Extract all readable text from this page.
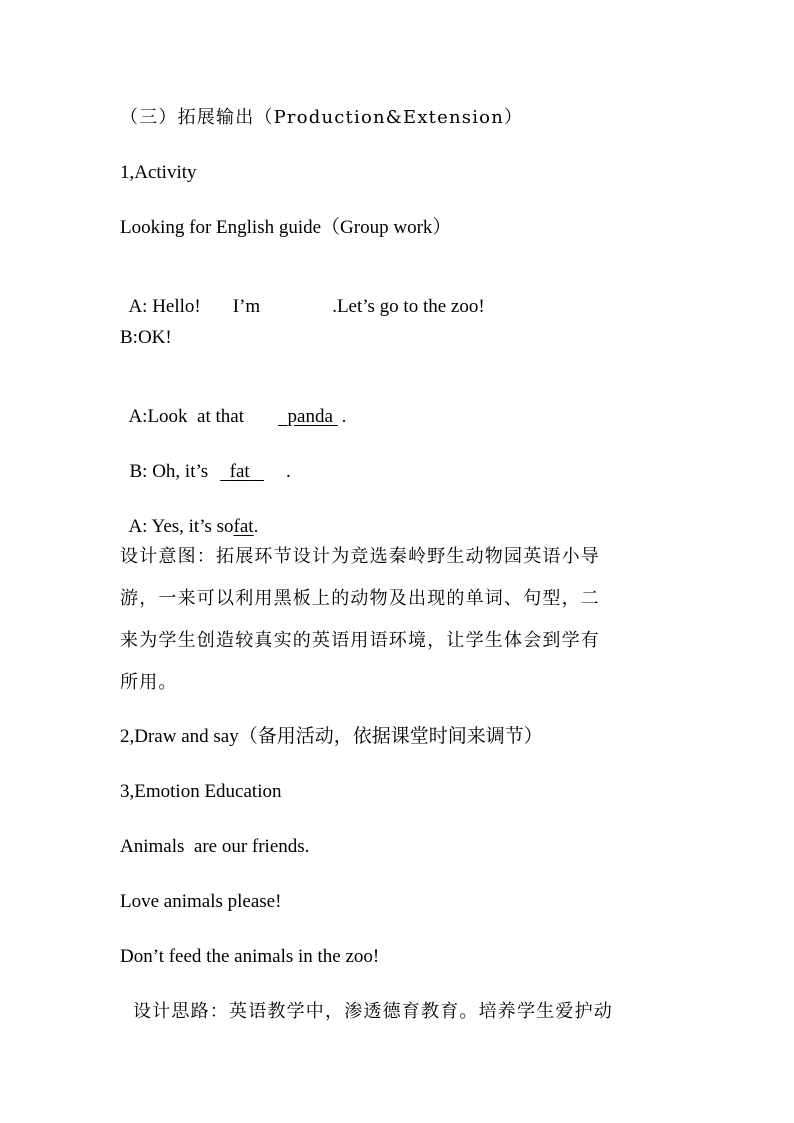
（三）拓展输出（Production&Extension）
1,Activity
Looking for English guide（Group work）

A: Hello! I’m	.Let’s go to the zoo!

B:OK!

A:Look  at that panda .

B: Oh, it’s fat .

A: Yes, it’s sofat.

设计意图：拓展环节设计为竞选秦岭野生动物园英语小导
游，一来可以利用黑板上的动物及出现的单词、句型，二
来为学生创造较真实的英语用语环境，让学生体会到学有
所用。
2,Draw and say（备用活动，依据课堂时间来调节）
3,Emotion Education
Animals  are our friends.
Love animals please!
Don’t feed the animals in the zoo!
设计思路：英语教学中，渗透德育教育。培养学生爱护动
